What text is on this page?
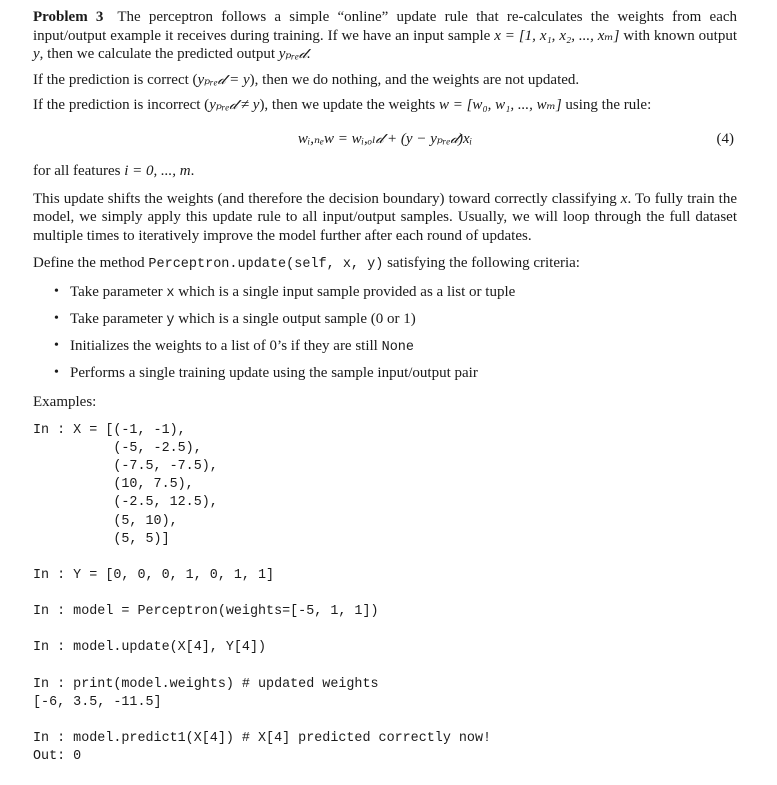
Problem 3 The perceptron follows a simple “online” update rule that re-calculates the weights from each input/output example it receives during training. If we have an input sample x = [1, x₁, x₂, ..., xₘ] with known output y, then we calculate the predicted output yₚᵣₑ𝒹.

If the prediction is correct (yₚᵣₑ𝒹 = y), then we do nothing, and the weights are not updated.

If the prediction is incorrect (yₚᵣₑ𝒹 ≠ y), then we update the weights w = [w₀, w₁, ..., wₘ] using the rule:

wᵢ,ₙₑw = wᵢ,ₒₗ𝒹 + (y − yₚᵣₑ𝒹)xᵢ	(4)

for all features i = 0, ..., m.

This update shifts the weights (and therefore the decision boundary) toward correctly classifying x. To fully train the model, we simply apply this update rule to all input/output samples. Usually, we will loop through the full dataset multiple times to iteratively improve the model further after each round of updates.

Define the method Perceptron.update(self, x, y) satisfying the following criteria:

• Take parameter x which is a single input sample provided as a list or tuple
• Take parameter y which is a single output sample (0 or 1)
• Initializes the weights to a list of 0’s if they are still None
• Performs a single training update using the sample input/output pair

Examples:

In : X = [(-1, -1),
(-5, -2.5),
(-7.5, -7.5),
(10, 7.5),
(-2.5, 12.5),
(5, 10),
(5, 5)]
In : Y = [0, 0, 0, 1, 0, 1, 1]
In : model = Perceptron(weights=[-5, 1, 1])
In : model.update(X[4], Y[4])
In : print(model.weights) # updated weights
[-6, 3.5, -11.5]
In : model.predict1(X[4]) # X[4] predicted correctly now!
Out: 0
